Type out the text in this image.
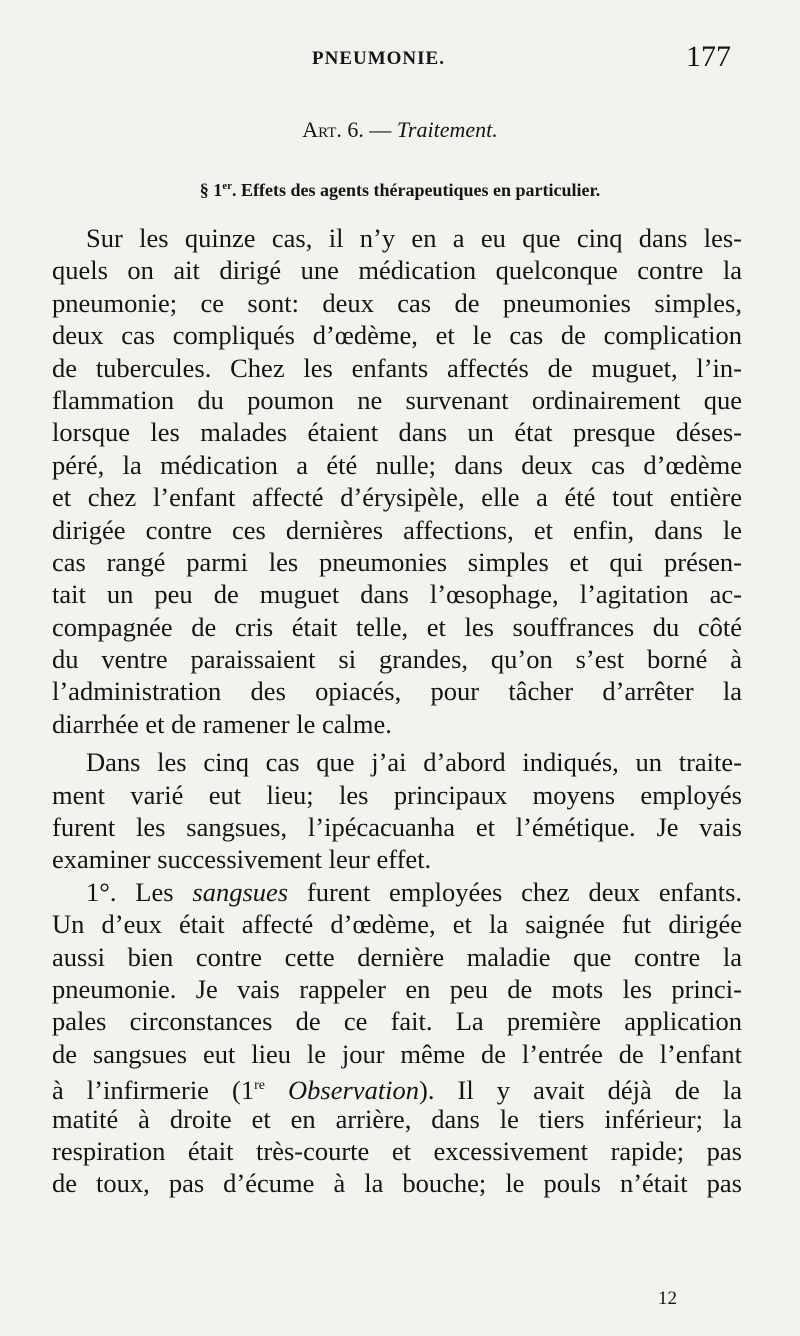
PNEUMONIE.	177
Art. 6. — Traitement.
§ 1er. Effets des agents thérapeutiques en particulier.
Sur les quinze cas, il n’y en a eu que cinq dans les-
quels on ait dirigé une médication quelconque contre la
pneumonie; ce sont: deux cas de pneumonies simples,
deux cas compliqués d’œdème, et le cas de complication
de tubercules. Chez les enfants affectés de muguet, l’in-
flammation du poumon ne survenant ordinairement que
lorsque les malades étaient dans un état presque déses-
péré, la médication a été nulle; dans deux cas d’œdème
et chez l’enfant affecté d’érysipèle, elle a été tout entière
dirigée contre ces dernières affections, et enfin, dans le
cas rangé parmi les pneumonies simples et qui présen-
tait un peu de muguet dans l’œsophage, l’agitation ac-
compagnée de cris était telle, et les souffrances du côté
du ventre paraissaient si grandes, qu’on s’est borné à
l’administration des opiacés, pour tâcher d’arrêter la
diarrhée et de ramener le calme.
Dans les cinq cas que j’ai d’abord indiqués, un traite-
ment varié eut lieu; les principaux moyens employés
furent les sangsues, l’ipécacuanha et l’émétique. Je vais
examiner successivement leur effet.
1°. Les sangsues furent employées chez deux enfants.
Un d’eux était affecté d’œdème, et la saignée fut dirigée
aussi bien contre cette dernière maladie que contre la
pneumonie. Je vais rappeler en peu de mots les princi-
pales circonstances de ce fait. La première application
de sangsues eut lieu le jour même de l’entrée de l’enfant
à l’infirmerie (1re Observation). Il y avait déjà de la
matité à droite et en arrière, dans le tiers inférieur; la
respiration était très-courte et excessivement rapide; pas
de toux, pas d’écume à la bouche; le pouls n’était pas
12
